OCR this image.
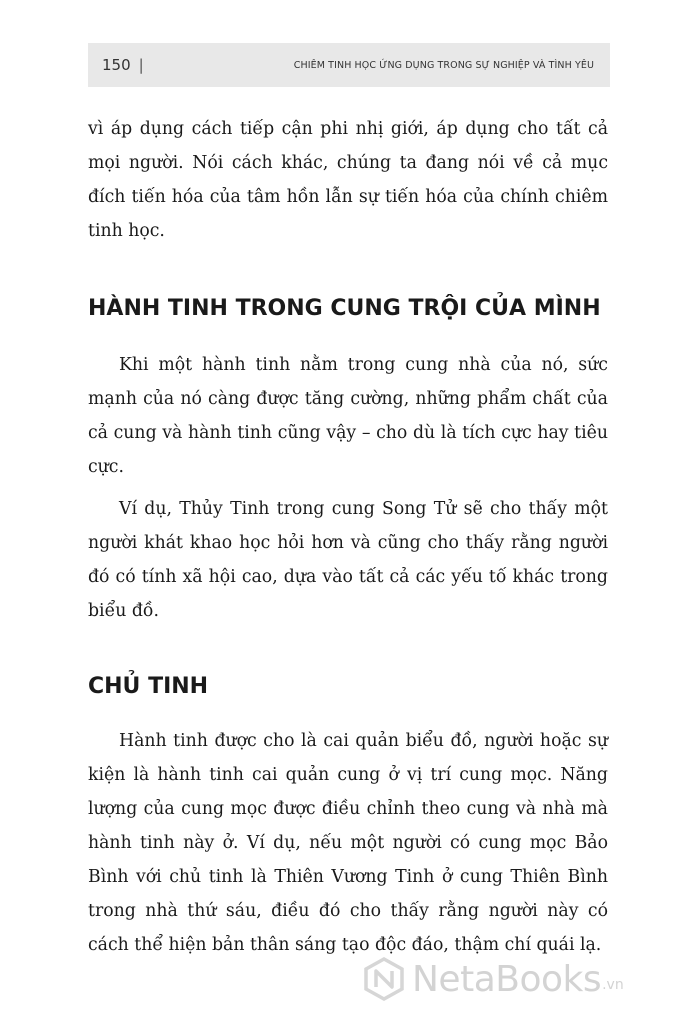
150 |	CHIÊM TINH HỌC ỨNG DỤNG TRONG SỰ NGHIỆP VÀ TÌNH YÊU

vì áp dụng cách tiếp cận phi nhị giới, áp dụng cho tất cả mọi người. Nói cách khác, chúng ta đang nói về cả mục đích tiến hóa của tâm hồn lẫn sự tiến hóa của chính chiêm tinh học.

HÀNH TINH TRONG CUNG TRỘI CỦA MÌNH

Khi một hành tinh nằm trong cung nhà của nó, sức mạnh của nó càng được tăng cường, những phẩm chất của cả cung và hành tinh cũng vậy – cho dù là tích cực hay tiêu cực.

Ví dụ, Thủy Tinh trong cung Song Tử sẽ cho thấy một người khát khao học hỏi hơn và cũng cho thấy rằng người đó có tính xã hội cao, dựa vào tất cả các yếu tố khác trong biểu đồ.

CHỦ TINH

Hành tinh được cho là cai quản biểu đồ, người hoặc sự kiện là hành tinh cai quản cung ở vị trí cung mọc. Năng lượng của cung mọc được điều chỉnh theo cung và nhà mà hành tinh này ở. Ví dụ, nếu một người có cung mọc Bảo Bình với chủ tinh là Thiên Vương Tinh ở cung Thiên Bình trong nhà thứ sáu, điều đó cho thấy rằng người này có cách thể hiện bản thân sáng tạo độc đáo, thậm chí quái lạ.

NetaBooks .vn
